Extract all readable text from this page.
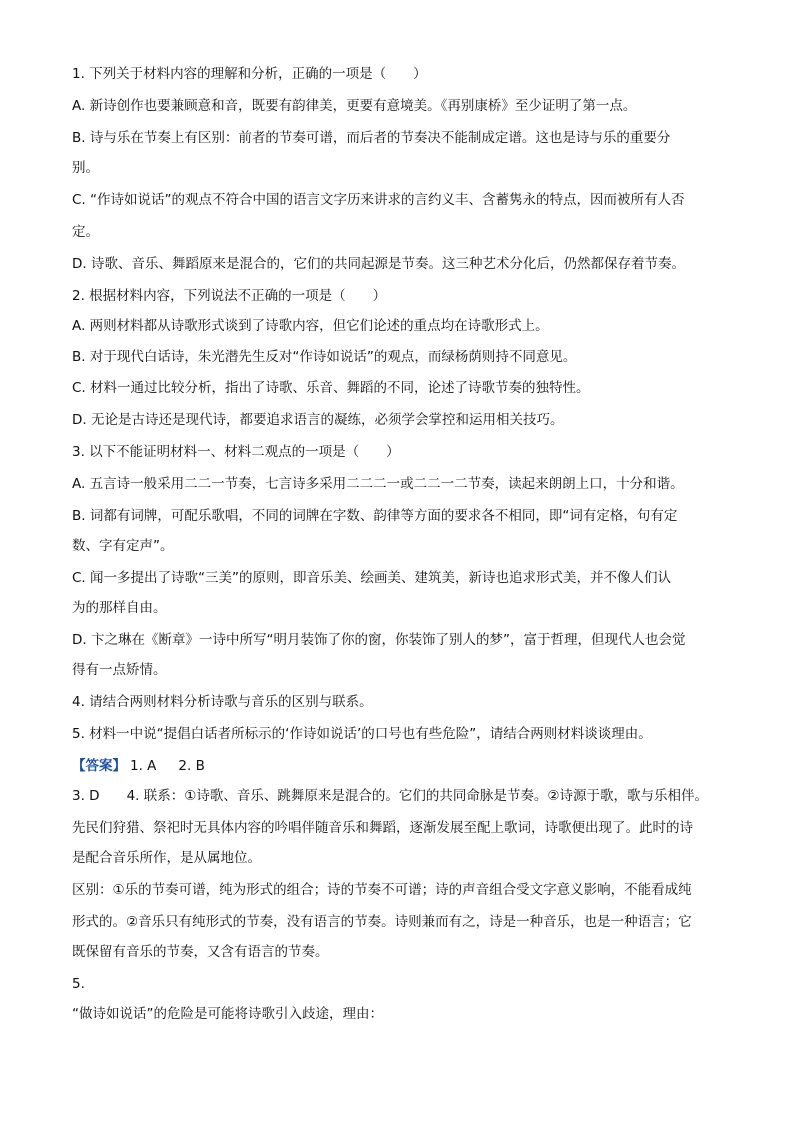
1. 下列关于材料内容的理解和分析，正确的一项是（　　）
A. 新诗创作也要兼顾意和音，既要有韵律美，更要有意境美。《再别康桥》至少证明了第一点。
B. 诗与乐在节奏上有区别：前者的节奏可谱，而后者的节奏决不能制成定谱。这也是诗与乐的重要分
别。
C. “作诗如说话”的观点不符合中国的语言文字历来讲求的言约义丰、含蓄隽永的特点，因而被所有人否
定。
D. 诗歌、音乐、舞蹈原来是混合的，它们的共同起源是节奏。这三种艺术分化后，仍然都保存着节奏。
2. 根据材料内容，下列说法不正确的一项是（　　）
A. 两则材料都从诗歌形式谈到了诗歌内容，但它们论述的重点均在诗歌形式上。
B. 对于现代白话诗，朱光潜先生反对“作诗如说话”的观点，而绿杨荫则持不同意见。
C. 材料一通过比较分析，指出了诗歌、乐音、舞蹈的不同，论述了诗歌节奏的独特性。
D. 无论是古诗还是现代诗，都要追求语言的凝练，必须学会掌控和运用相关技巧。
3. 以下不能证明材料一、材料二观点的一项是（　　）
A. 五言诗一般采用二二一节奏，七言诗多采用二二二一或二二一二节奏，读起来朗朗上口，十分和谐。
B. 词都有词牌，可配乐歌唱，不同的词牌在字数、韵律等方面的要求各不相同，即“词有定格，句有定
数、字有定声”。
C. 闻一多提出了诗歌“三美”的原则，即音乐美、绘画美、建筑美，新诗也追求形式美，并不像人们认
为的那样自由。
D. 卞之琳在《断章》一诗中所写“明月装饰了你的窗，你装饰了别人的梦”，富于哲理，但现代人也会觉
得有一点矫情。
4. 请结合两则材料分析诗歌与音乐的区别与联系。
5. 材料一中说“提倡白话者所标示的‘作诗如说话’的口号也有些危险”，请结合两则材料谈谈理由。
【答案】 1. A 2. B
3. D　　4. 联系：①诗歌、音乐、跳舞原来是混合的。它们的共同命脉是节奏。②诗源于歌，歌与乐相伴。
先民们狩猎、祭祀时无具体内容的吟唱伴随音乐和舞蹈，逐渐发展至配上歌词，诗歌便出现了。此时的诗
是配合音乐所作，是从属地位。
区别：①乐的节奏可谱，纯为形式的组合；诗的节奏不可谱；诗的声音组合受文字意义影响，不能看成纯
形式的。②音乐只有纯形式的节奏，没有语言的节奏。诗则兼而有之，诗是一种音乐，也是一种语言；它
既保留有音乐的节奏，又含有语言的节奏。
5.
“做诗如说话”的危险是可能将诗歌引入歧途，理由：
